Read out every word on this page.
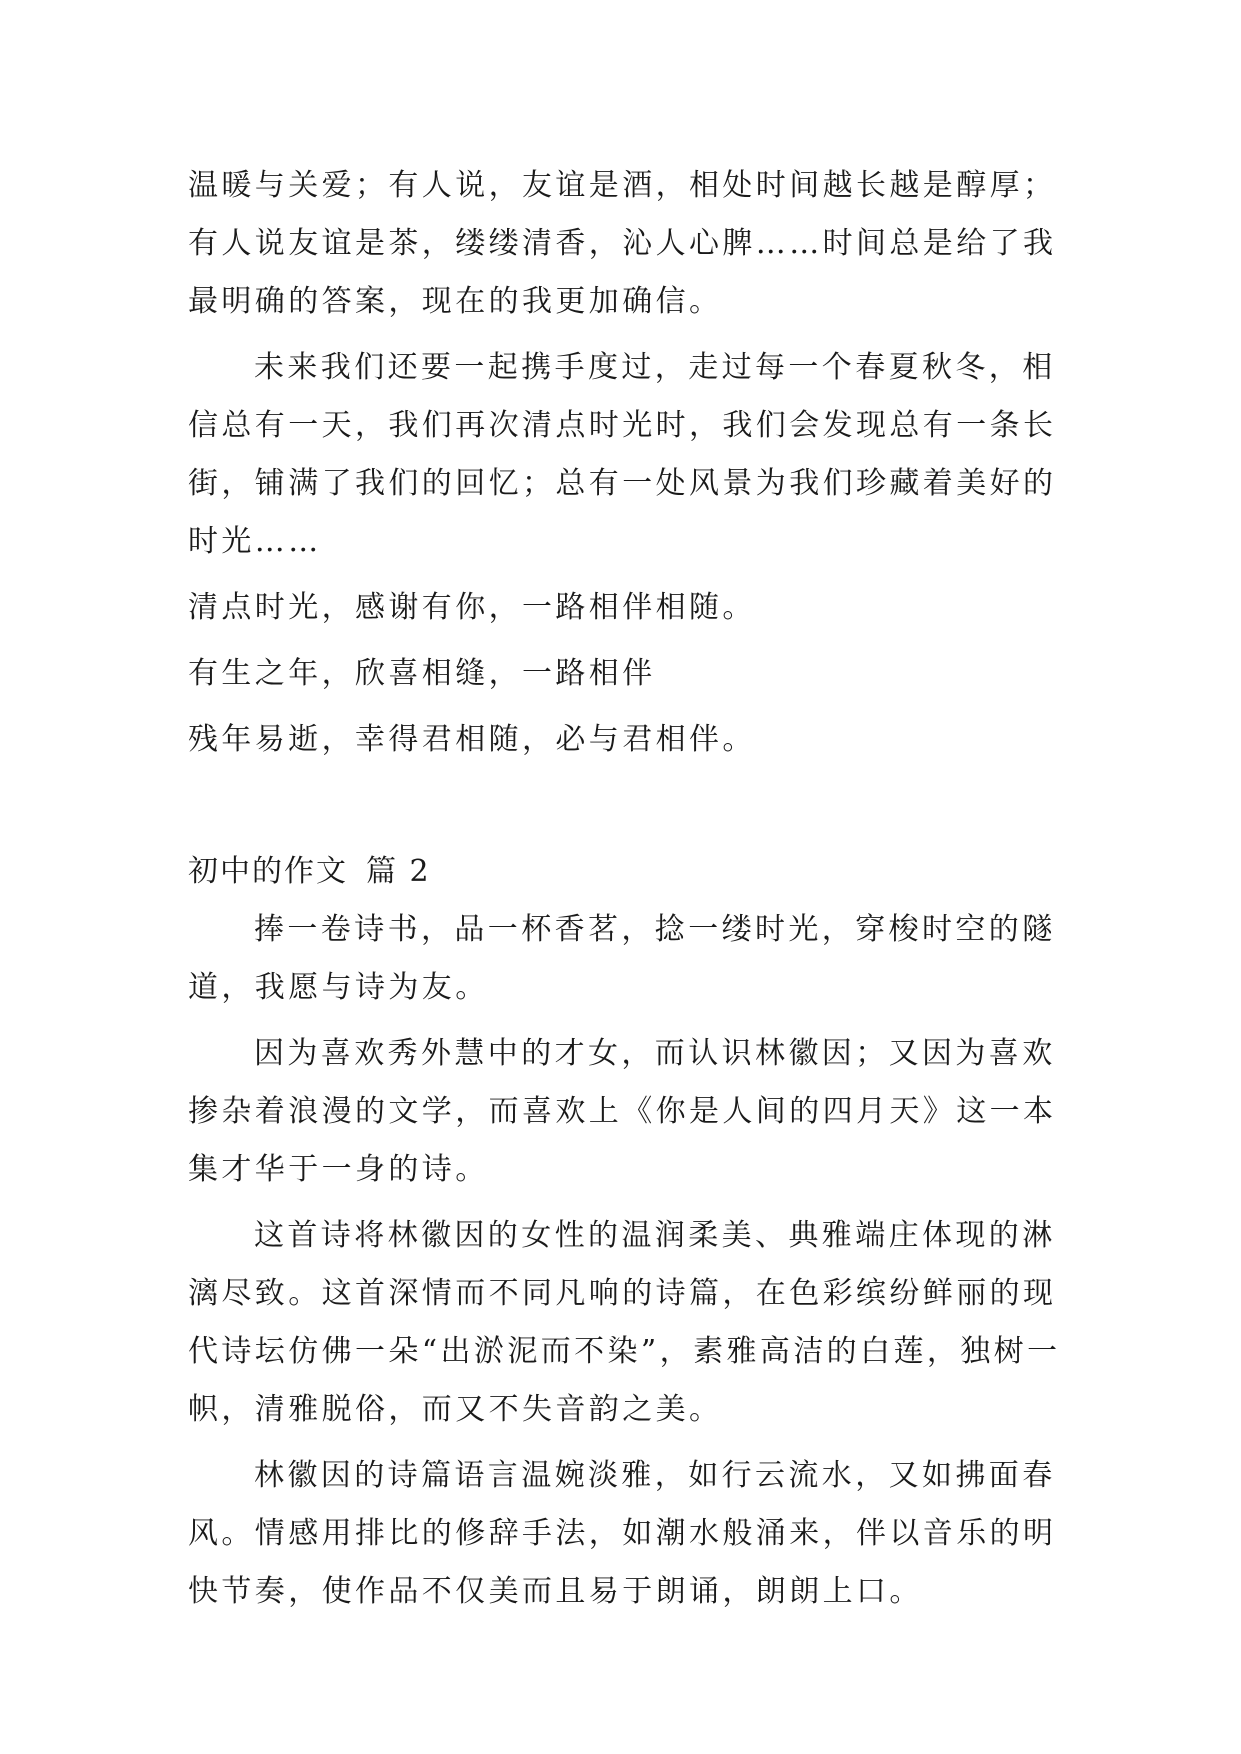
温暖与关爱；有人说，友谊是酒，相处时间越长越是醇厚；有人说友谊是茶，缕缕清香，沁人心脾……时间总是给了我最明确的答案，现在的我更加确信。

未来我们还要一起携手度过，走过每一个春夏秋冬，相信总有一天，我们再次清点时光时，我们会发现总有一条长街，铺满了我们的回忆；总有一处风景为我们珍藏着美好的时光……

清点时光，感谢有你，一路相伴相随。

有生之年，欣喜相缝，一路相伴

残年易逝，幸得君相随，必与君相伴。

初中的作文 篇 2

捧一卷诗书，品一杯香茗，捻一缕时光，穿梭时空的隧道，我愿与诗为友。

因为喜欢秀外慧中的才女，而认识林徽因；又因为喜欢掺杂着浪漫的文学，而喜欢上《你是人间的四月天》这一本集才华于一身的诗。

这首诗将林徽因的女性的温润柔美、典雅端庄体现的淋漓尽致。这首深情而不同凡响的诗篇，在色彩缤纷鲜丽的现代诗坛仿佛一朵“出淤泥而不染”，素雅高洁的白莲，独树一帜，清雅脱俗，而又不失音韵之美。

林徽因的诗篇语言温婉淡雅，如行云流水，又如拂面春风。情感用排比的修辞手法，如潮水般涌来，伴以音乐的明快节奏，使作品不仅美而且易于朗诵，朗朗上口。
